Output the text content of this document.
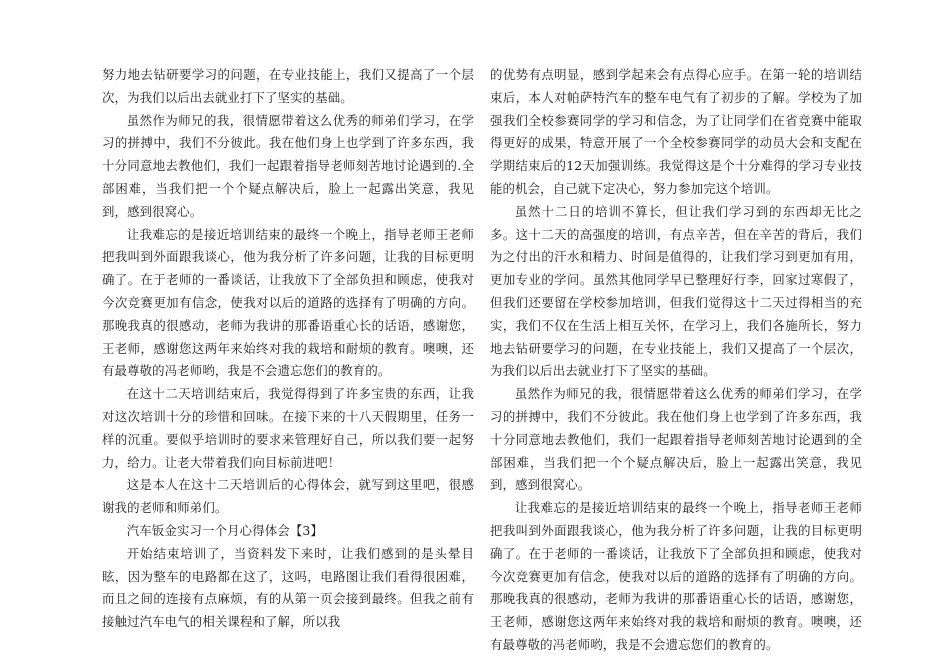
努力地去钻研要学习的问题，在专业技能上，我们又提高了一个层次，为我们以后出去就业打下了坚实的基础。

虽然作为师兄的我，很情愿带着这么优秀的师弟们学习，在学习的拼搏中，我们不分彼此。我在他们身上也学到了许多东西，我十分同意地去教他们，我们一起跟着指导老师刻苦地讨论遇到的.全部困难，当我们把一个个疑点解决后，脸上一起露出笑意，我见到，感到很窝心。

让我难忘的是接近培训结束的最终一个晚上，指导老师王老师把我叫到外面跟我谈心，他为我分析了许多问题，让我的目标更明确了。在于老师的一番谈话，让我放下了全部负担和顾虑，使我对今次竞赛更加有信念，使我对以后的道路的选择有了明确的方向。那晚我真的很感动，老师为我讲的那番语重心长的话语，感谢您，王老师，感谢您这两年来始终对我的栽培和耐烦的教育。噢噢，还有最尊敬的冯老师哟，我是不会遗忘您们的教育的。

在这十二天培训结束后，我觉得得到了许多宝贵的东西，让我对这次培训十分的珍惜和回味。在接下来的十八天假期里，任务一样的沉重。要似乎培训时的要求来管理好自己，所以我们要一起努力，给力。让老大带着我们向目标前进吧！

这是本人在这十二天培训后的心得体会，就写到这里吧，很感谢我的老师和师弟们。

汽车钣金实习一个月心得体会【3】

开始结束培训了，当资料发下来时，让我们感到的是头晕目眩，因为整车的电路都在这了，这吗，电路图让我们看得很困难，而且之间的连接有点麻烦，有的从第一页会接到最终。但我之前有接触过汽车电气的相关课程和了解，所以我

的优势有点明显，感到学起来会有点得心应手。在第一轮的培训结束后，本人对帕萨特汽车的整车电气有了初步的了解。学校为了加强我们全校参赛同学的学习和信念，为了让同学们在省竞赛中能取得更好的成果，特意开展了一个全校参赛同学的动员大会和支配在学期结束后的12天加强训练。我觉得这是个十分难得的学习专业技能的机会，自己就下定决心，努力参加完这个培训。

虽然十二日的培训不算长，但让我们学习到的东西却无比之多。这十二天的高强度的培训，有点辛苦，但在辛苦的背后，我们为之付出的汗水和精力、时间是值得的，让我们学习到更加有用，更加专业的学问。虽然其他同学早已整理好行李，回家过寒假了，但我们还要留在学校参加培训，但我们觉得这十二天过得相当的充实，我们不仅在生活上相互关怀，在学习上，我们各施所长，努力地去钻研要学习的问题，在专业技能上，我们又提高了一个层次，为我们以后出去就业打下了坚实的基础。

虽然作为师兄的我，很情愿带着这么优秀的师弟们学习，在学习的拼搏中，我们不分彼此。我在他们身上也学到了许多东西，我十分同意地去教他们，我们一起跟着指导老师刻苦地讨论遇到的全部困难，当我们把一个个疑点解决后，脸上一起露出笑意，我见到，感到很窝心。

让我难忘的是接近培训结束的最终一个晚上，指导老师王老师把我叫到外面跟我谈心，他为我分析了许多问题，让我的目标更明确了。在于老师的一番谈话，让我放下了全部负担和顾虑，使我对今次竞赛更加有信念，使我对以后的道路的选择有了明确的方向。那晚我真的很感动，老师为我讲的那番语重心长的话语，感谢您，王老师，感谢您这两年来始终对我的栽培和耐烦的教育。噢噢，还有最尊敬的冯老师哟，我是不会遗忘您们的教育的。
